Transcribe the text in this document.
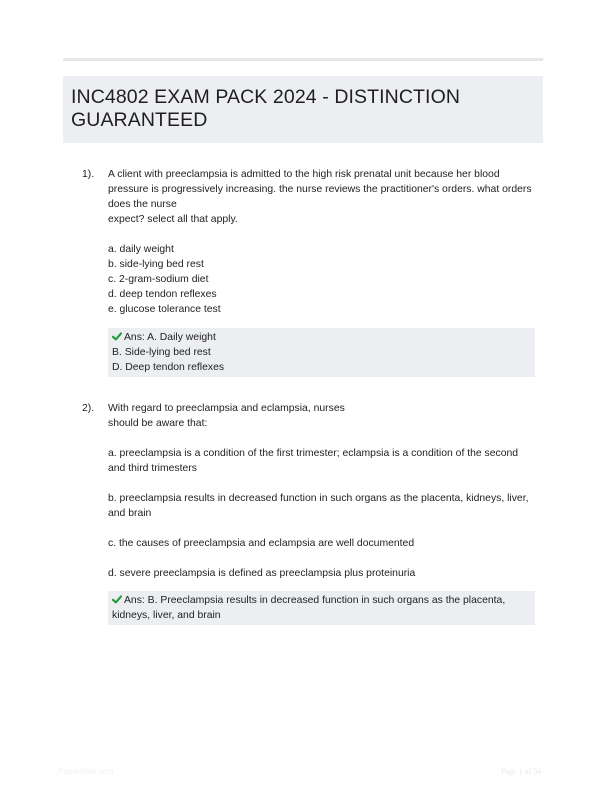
INC4802 EXAM PACK 2024 - DISTINCTION GUARANTEED
1). A client with preeclampsia is admitted to the high risk prenatal unit because her blood pressure is progressively increasing. the nurse reviews the practitioner's orders. what orders does the nurse
expect? select all that apply.

a. daily weight
b. side-lying bed rest
c. 2-gram-sodium diet
d. deep tendon reflexes
e. glucose tolerance test
Ans: A. Daily weight
B. Side-lying bed rest
D. Deep tendon reflexes
2). With regard to preeclampsia and eclampsia, nurses
should be aware that:

a. preeclampsia is a condition of the first trimester; eclampsia is a condition of the second and third trimesters
b. preeclampsia results in decreased function in such organs as the placenta, kidneys, liver, and brain
c. the causes of preeclampsia and eclampsia are well documented
d. severe preeclampsia is defined as preeclampsia plus proteinuria
Ans: B. Preeclampsia results in decreased function in such organs as the placenta, kidneys, liver, and brain
Papersbite.com	Page 1 of 54
